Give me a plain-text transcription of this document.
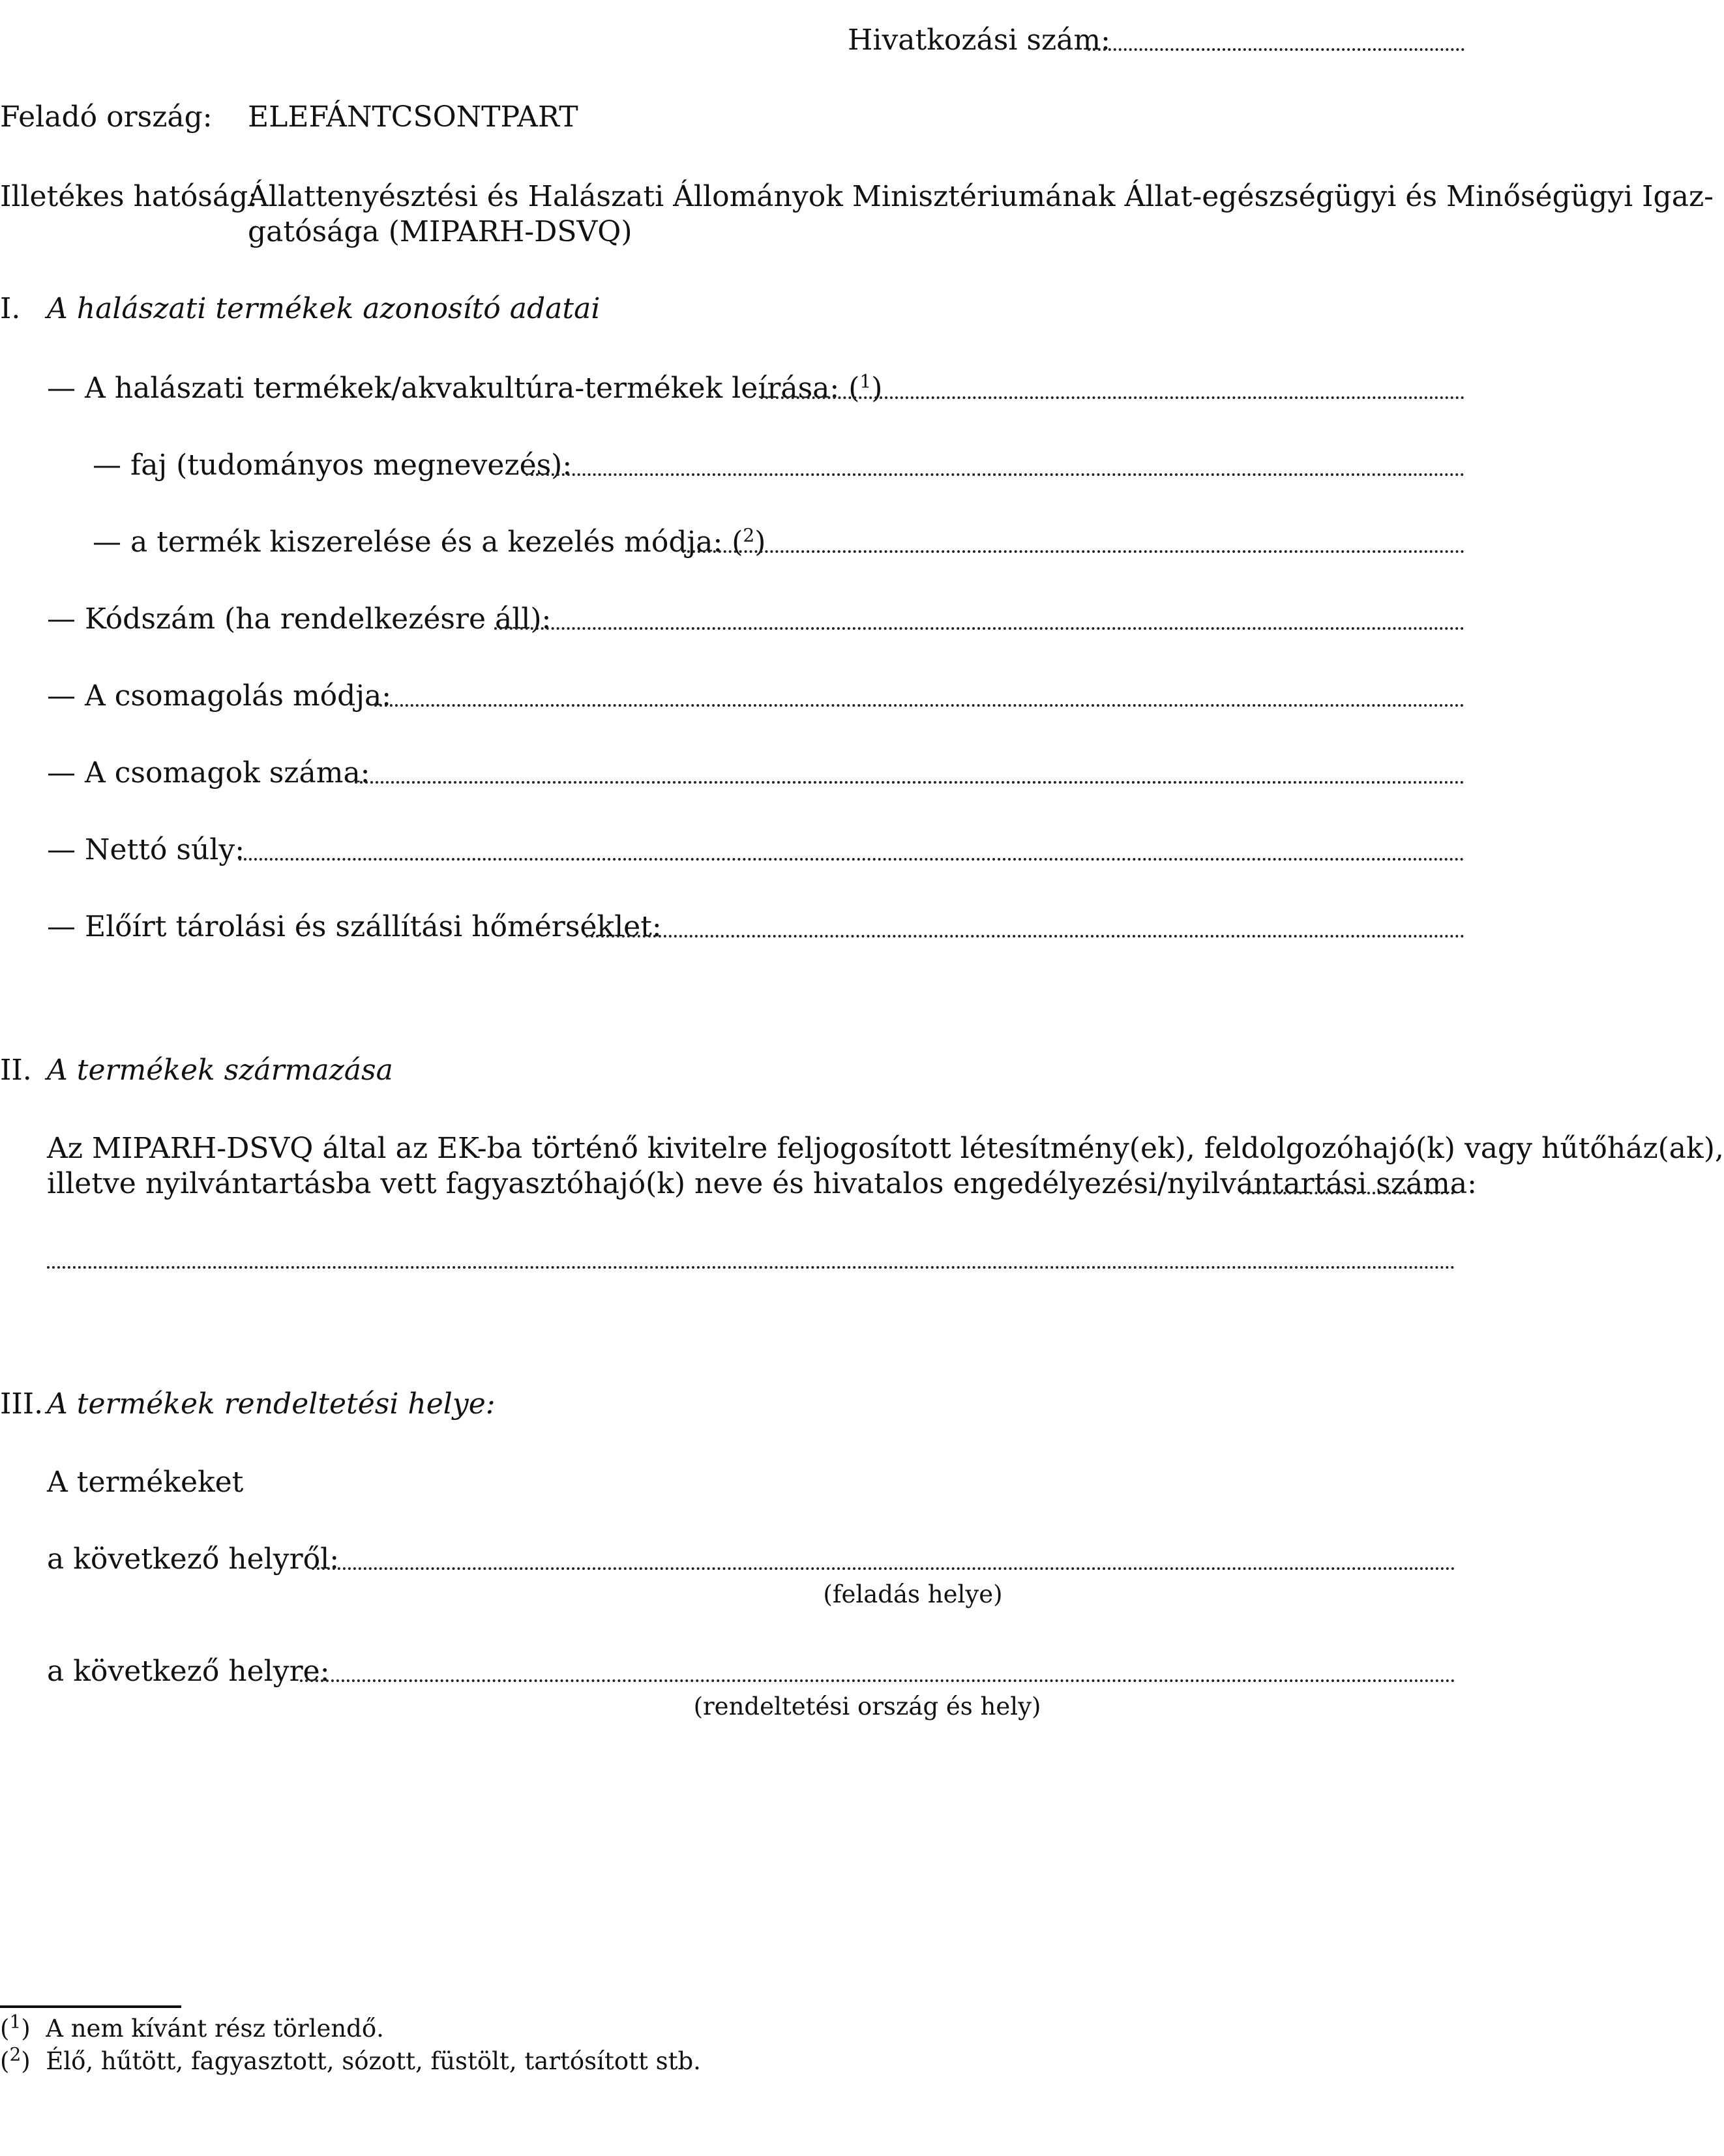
Hivatkozási szám:
Feladó ország: ELEFÁNTCSONTPART
Illetékes hatóság:
Állattenyésztési és Halászati Állományok Minisztériumának Állat-egészségügyi és Minőségügyi Igaz-
gatósága (MIPARH-DSVQ)
I. A halászati termékek azonosító adatai
— A halászati termékek/akvakultúra-termékek leírása: ($^1$)
— faj (tudományos megnevezés):
— a termék kiszerelése és a kezelés módja: ($^2$)
— Kódszám (ha rendelkezésre áll):
— A csomagolás módja:
— A csomagok száma:
— Nettó súly:
— Előírt tárolási és szállítási hőmérséklet:
II. A termékek származása
Az MIPARH-DSVQ által az EK-ba történő kivitelre feljogosított létesítmény(ek), feldolgozóhajó(k) vagy hűtőház(ak),
illetve nyilvántartásba vett fagyasztóhajó(k) neve és hivatalos engedélyezési/nyilvántartási száma:
III. A termékek rendeltetési helye:
A termékeket
a következő helyről:
(feladás helye)
a következő helyre:
(rendeltetési ország és hely)
($^1$)  A nem kívánt rész törlendő.
($^2$)  Élő, hűtött, fagyasztott, sózott, füstölt, tartósított stb.
